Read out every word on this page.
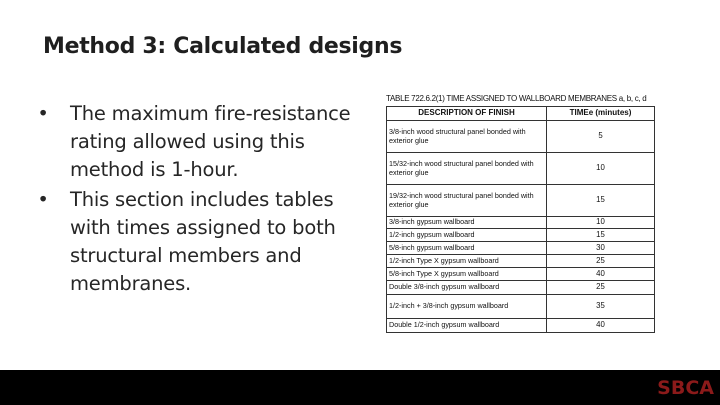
Method 3: Calculated designs
• The maximum fire-resistance rating allowed using this method is 1-hour.
• This section includes tables with times assigned to both structural members and membranes.
TABLE 722.6.2(1) TIME ASSIGNED TO WALLBOARD MEMBRANES a, b, c, d
DESCRIPTION OF FINISH	TIMEe (minutes)
3/8-inch wood structural panel bonded with exterior glue	5
15/32-inch wood structural panel bonded with exterior glue	10
19/32-inch wood structural panel bonded with exterior glue	15
3/8-inch gypsum wallboard	10
1/2-inch gypsum wallboard	15
5/8-inch gypsum wallboard	30
1/2-inch Type X gypsum wallboard	25
5/8-inch Type X gypsum wallboard	40
Double 3/8-inch gypsum wallboard	25
1/2-inch + 3/8-inch gypsum wallboard	35
Double 1/2-inch gypsum wallboard	40
SBCA
